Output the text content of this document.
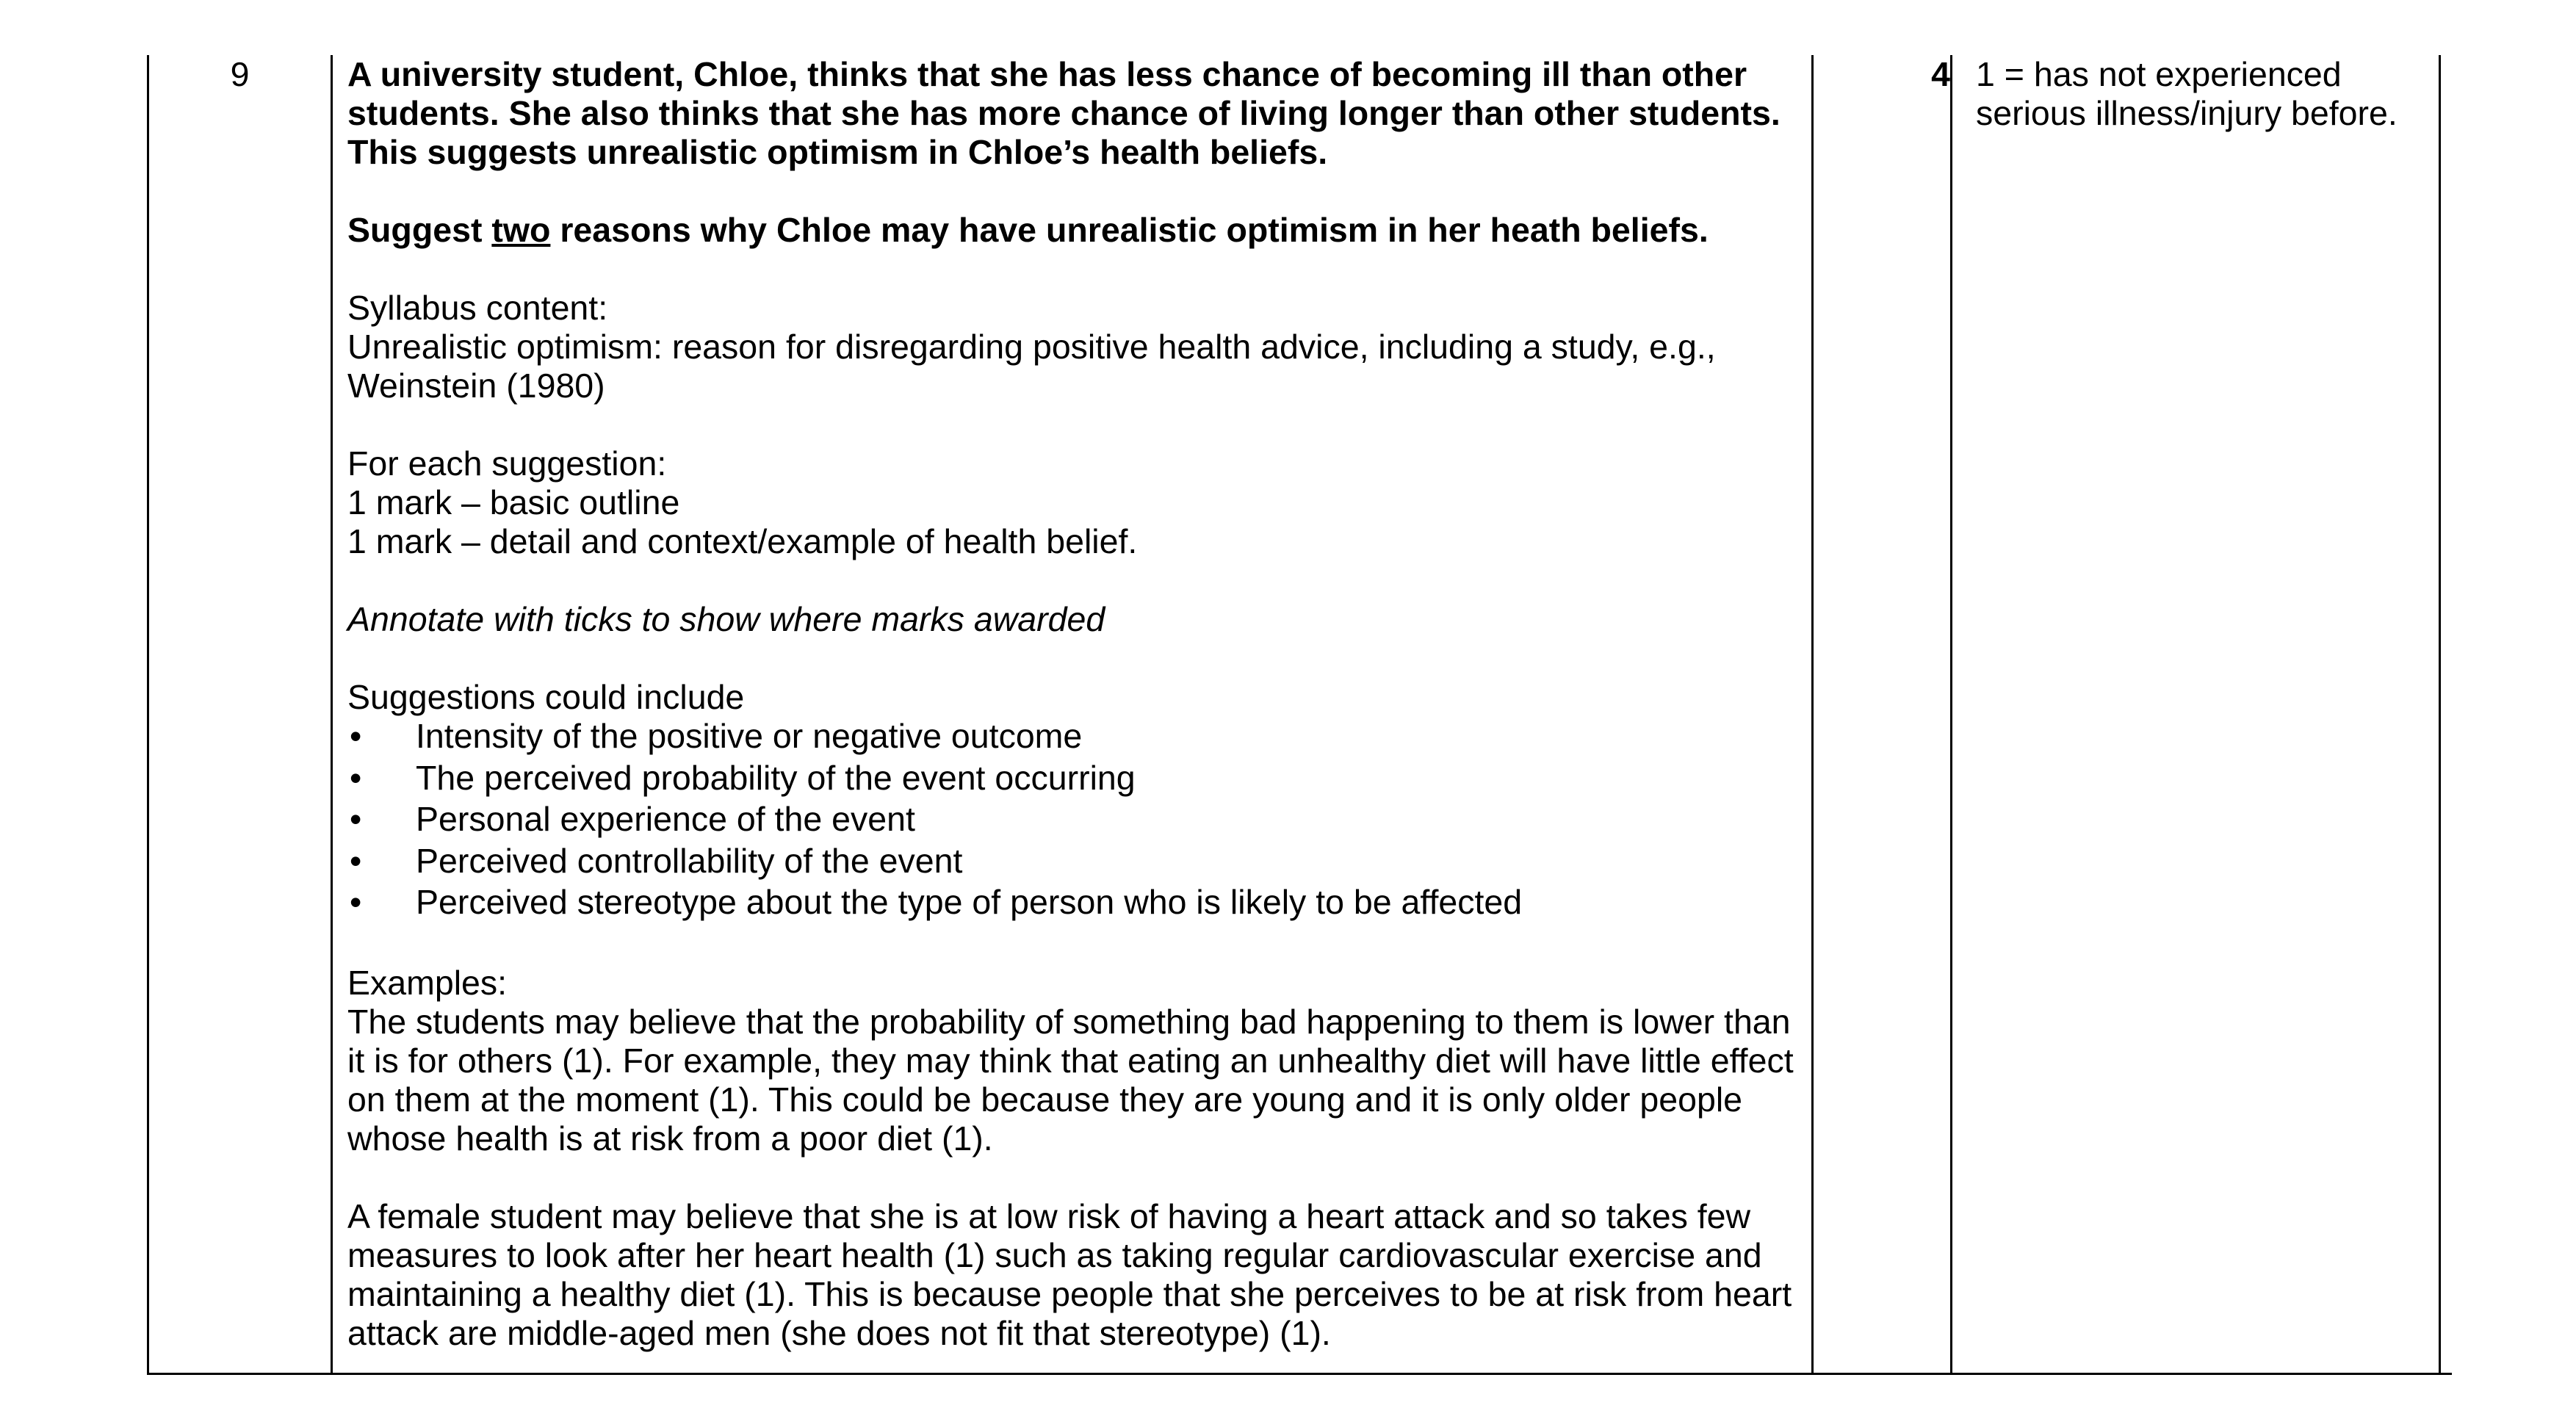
9	A university student, Chloe, thinks that she has less chance of becoming ill than other students. She also thinks that she has more chance of living longer than other students. This suggests unrealistic optimism in Chloe’s health beliefs.

Suggest two reasons why Chloe may have unrealistic optimism in her heath beliefs.

Syllabus content:

Unrealistic optimism: reason for disregarding positive health advice, including a study, e.g., Weinstein (1980)

For each suggestion:

1 mark – basic outline

1 mark – detail and context/example of health belief.

Annotate with ticks to show where marks awarded

Suggestions could include

• Intensity of the positive or negative outcome
• The perceived probability of the event occurring
• Personal experience of the event
• Perceived controllability of the event
• Perceived stereotype about the type of person who is likely to be affected

Examples:

The students may believe that the probability of something bad happening to them is lower than it is for others (1). For example, they may think that eating an unhealthy diet will have little effect on them at the moment (1). This could be because they are young and it is only older people whose health is at risk from a poor diet (1).

A female student may believe that she is at low risk of having a heart attack and so takes few measures to look after her heart health (1) such as taking regular cardiovascular exercise and maintaining a healthy diet (1). This is because people that she perceives to be at risk from heart attack are middle-aged men (she does not fit that stereotype) (1).

4 1 = has not experienced serious illness/injury before.
